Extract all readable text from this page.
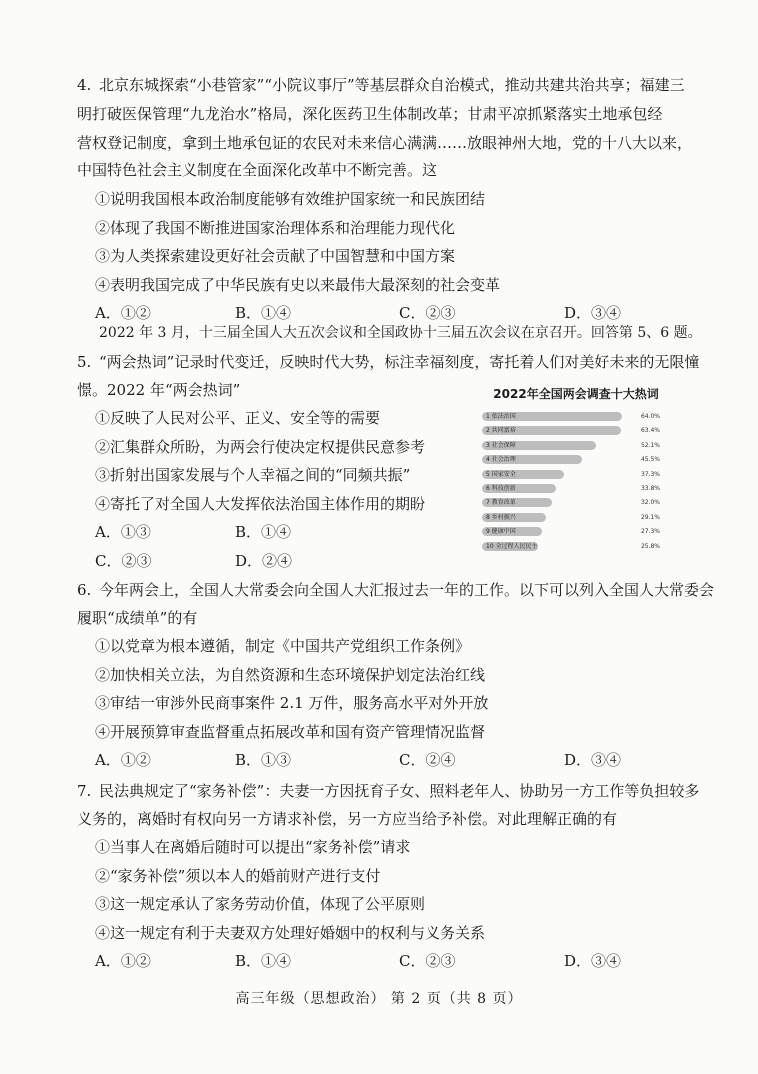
4. 北京东城探索“小巷管家”“小院议事厅”等基层群众自治模式，推动共建共治共享；福建三
明打破医保管理“九龙治水”格局，深化医药卫生体制改革；甘肃平凉抓紧落实土地承包经
营权登记制度，拿到土地承包证的农民对未来信心满满……放眼神州大地，党的十八大以来，
中国特色社会主义制度在全面深化改革中不断完善。这
①说明我国根本政治制度能够有效维护国家统一和民族团结
②体现了我国不断推进国家治理体系和治理能力现代化
③为人类探索建设更好社会贡献了中国智慧和中国方案
④表明我国完成了中华民族有史以来最伟大最深刻的社会变革
A．①②	B．①④	C．②③	D．③④
2022 年 3 月，十三届全国人大五次会议和全国政协十三届五次会议在京召开。回答第 5、6 题。
5. “两会热词”记录时代变迁，反映时代大势，标注幸福刻度，寄托着人们对美好未来的无限憧
憬。2022 年“两会热词”
①反映了人民对公平、正义、安全等的需要
②汇集群众所盼，为两会行使决定权提供民意参考
③折射出国家发展与个人幸福之间的“同频共振”
④寄托了对全国人大发挥依法治国主体作用的期盼
A．①③	B．①④
C．②③	D．②④
2022年全国两会调查十大热词
1 依法治国	64.0%
2 共同富裕	63.4%
3 社会保障	52.1%
4 社会治理	45.5%
5 国家安全	37.3%
6 科技创新	33.8%
7 教育改革	32.0%
8 乡村振兴	29.1%
9 健康中国	27.3%
10 全过程人民民主	25.8%
6. 今年两会上，全国人大常委会向全国人大汇报过去一年的工作。以下可以列入全国人大常委会
履职“成绩单”的有
①以党章为根本遵循，制定《中国共产党组织工作条例》
②加快相关立法，为自然资源和生态环境保护划定法治红线
③审结一审涉外民商事案件 2.1 万件，服务高水平对外开放
④开展预算审查监督重点拓展改革和国有资产管理情况监督
A．①②	B．①③	C．②④	D．③④
7. 民法典规定了“家务补偿”：夫妻一方因抚育子女、照料老年人、协助另一方工作等负担较多
义务的，离婚时有权向另一方请求补偿，另一方应当给予补偿。对此理解正确的有
①当事人在离婚后随时可以提出“家务补偿”请求
②“家务补偿”须以本人的婚前财产进行支付
③这一规定承认了家务劳动价值，体现了公平原则
④这一规定有利于夫妻双方处理好婚姻中的权利与义务关系
A．①②	B．①④	C．②③	D．③④
高三年级（思想政治） 第 2 页（共 8 页）
